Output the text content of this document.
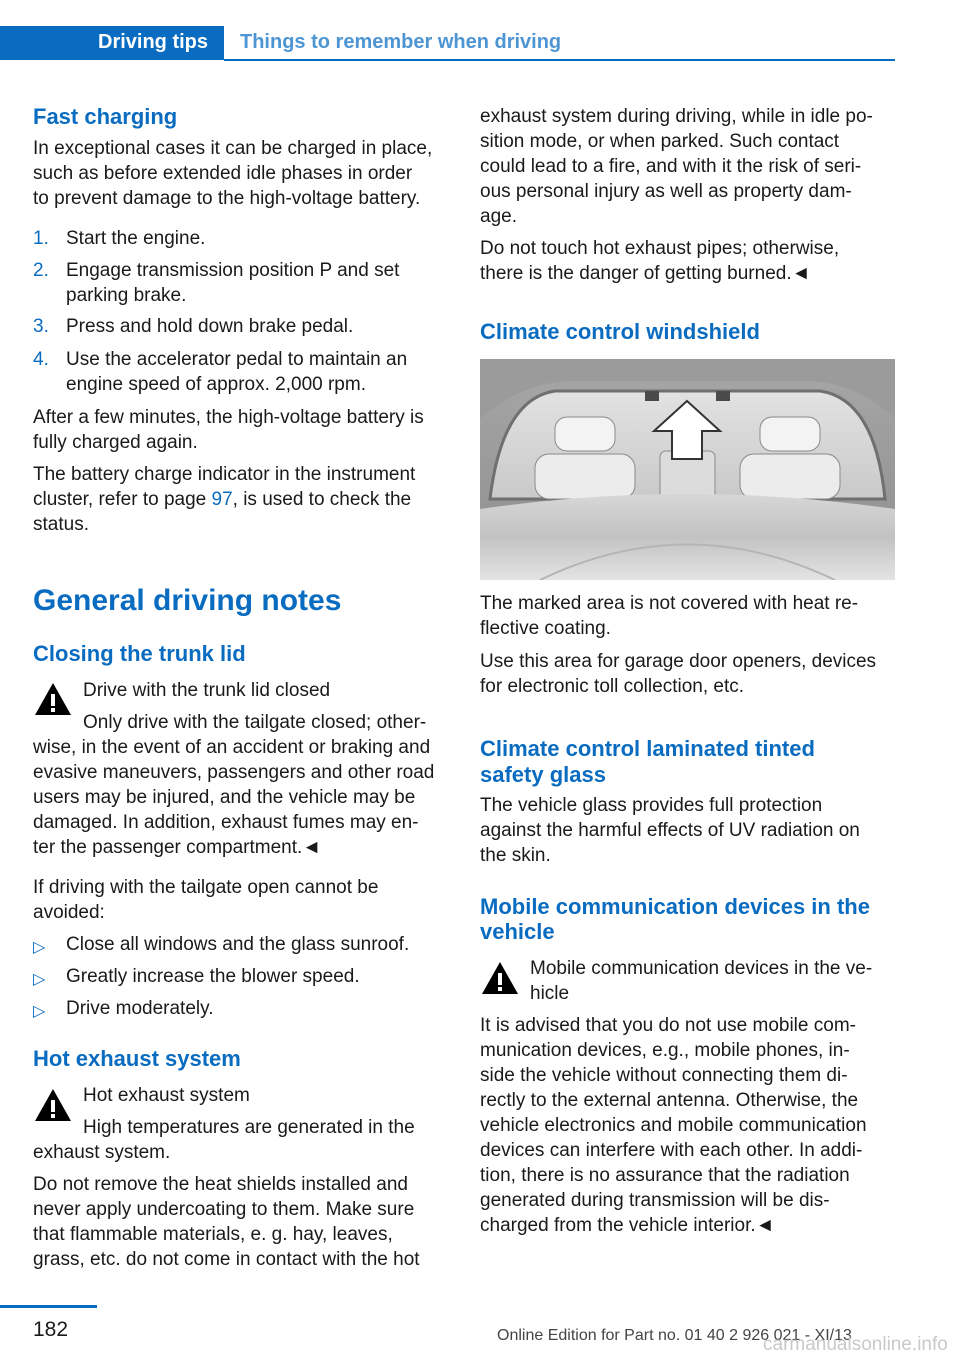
Driving tips	Things to remember when driving
Fast charging
In exceptional cases it can be charged in place,
such as before extended idle phases in order
to prevent damage to the high-voltage battery.
1. Start the engine.
2. Engage transmission position P and set
parking brake.
3. Press and hold down brake pedal.
4. Use the accelerator pedal to maintain an
engine speed of approx. 2,000 rpm.
After a few minutes, the high-voltage battery is
fully charged again.
The battery charge indicator in the instrument
cluster, refer to page 97, is used to check the
status.
General driving notes
Closing the trunk lid
Drive with the trunk lid closed
Only drive with the tailgate closed; other-
wise, in the event of an accident or braking and
evasive maneuvers, passengers and other road
users may be injured, and the vehicle may be
damaged. In addition, exhaust fumes may en-
ter the passenger compartment.◄
If driving with the tailgate open cannot be
avoided:
▷ Close all windows and the glass sunroof.
▷ Greatly increase the blower speed.
▷ Drive moderately.
Hot exhaust system
Hot exhaust system
High temperatures are generated in the
exhaust system.
Do not remove the heat shields installed and
never apply undercoating to them. Make sure
that flammable materials, e. g. hay, leaves,
grass, etc. do not come in contact with the hot
exhaust system during driving, while in idle po-
sition mode, or when parked. Such contact
could lead to a fire, and with it the risk of seri-
ous personal injury as well as property dam-
age.
Do not touch hot exhaust pipes; otherwise,
there is the danger of getting burned.◄
Climate control windshield
The marked area is not covered with heat re-
flective coating.
Use this area for garage door openers, devices
for electronic toll collection, etc.
Climate control laminated tinted
safety glass
The vehicle glass provides full protection
against the harmful effects of UV radiation on
the skin.
Mobile communication devices in the
vehicle
Mobile communication devices in the ve-
hicle
It is advised that you do not use mobile com-
munication devices, e.g., mobile phones, in-
side the vehicle without connecting them di-
rectly to the external antenna. Otherwise, the
vehicle electronics and mobile communication
devices can interfere with each other. In addi-
tion, there is no assurance that the radiation
generated during transmission will be dis-
charged from the vehicle interior.◄
182	Online Edition for Part no. 01 40 2 926 021 - XI/13
carmanualsonline.info
